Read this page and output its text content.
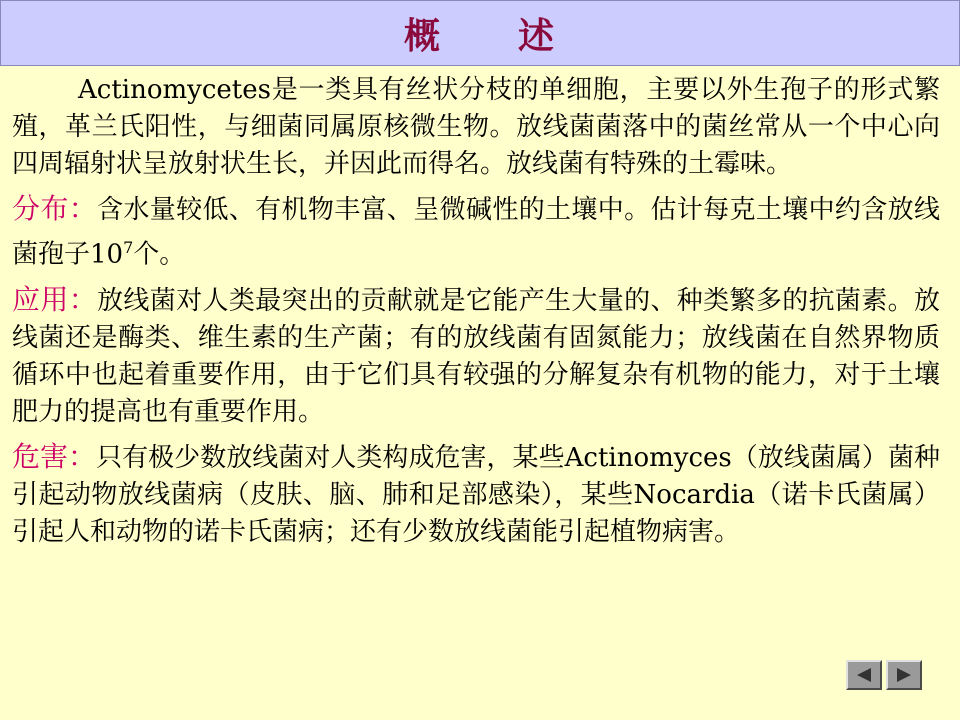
概　　述

Actinomycetes是一类具有丝状分枝的单细胞，主要以外生孢子的形式繁殖，革兰氏阳性，与细菌同属原核微生物。放线菌菌落中的菌丝常从一个中心向四周辐射状呈放射状生长，并因此而得名。放线菌有特殊的土霉味。

分布：含水量较低、有机物丰富、呈微碱性的土壤中。估计每克土壤中约含放线菌孢子$10^7$个。

应用：放线菌对人类最突出的贡献就是它能产生大量的、种类繁多的抗菌素。放线菌还是酶类、维生素的生产菌；有的放线菌有固氮能力；放线菌在自然界物质循环中也起着重要作用，由于它们具有较强的分解复杂有机物的能力，对于土壤肥力的提高也有重要作用。

危害：只有极少数放线菌对人类构成危害，某些Actinomyces（放线菌属）菌种引起动物放线菌病（皮肤、脑、肺和足部感染），某些Nocardia（诺卡氏菌属）引起人和动物的诺卡氏菌病；还有少数放线菌能引起植物病害。
